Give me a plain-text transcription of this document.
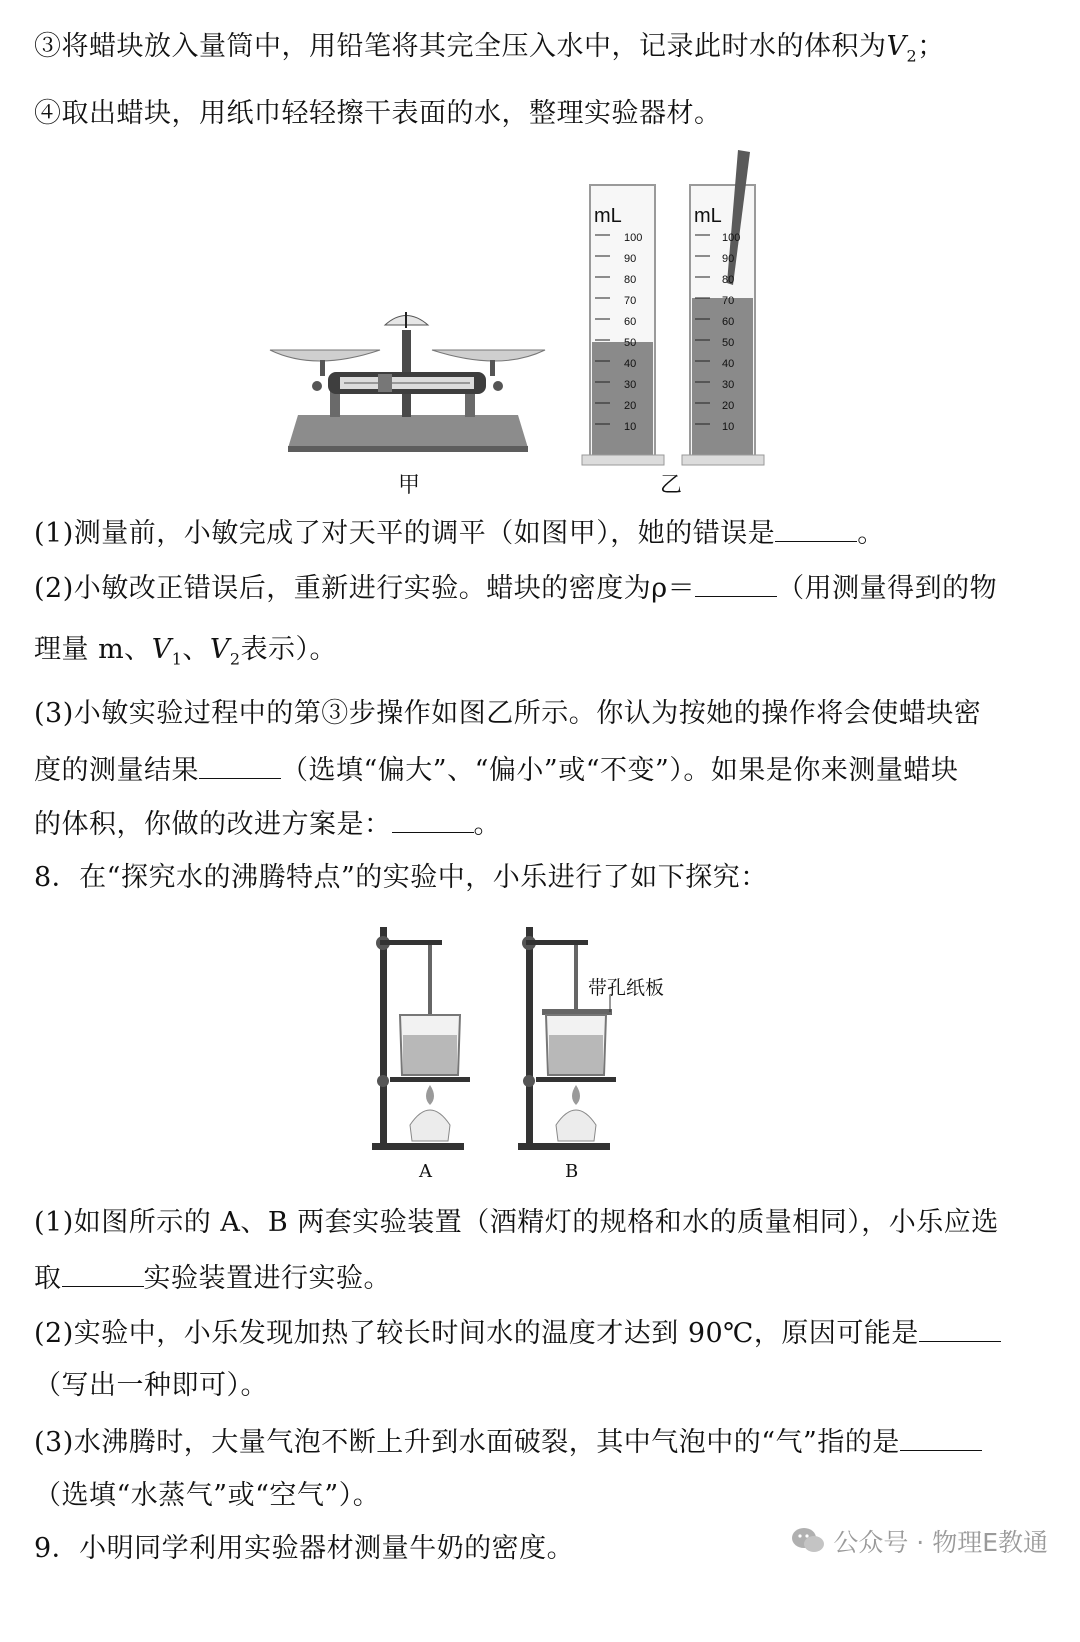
③将蜡块放入量筒中，用铅笔将其完全压入水中，记录此时水的体积为$V_2$；
④取出蜡块，用纸巾轻轻擦干表面的水，整理实验器材。
mL	mL
100
90
80
70
60
50
40
30
20
10
100
90
80
70
60
50
40
30
20
10
甲	乙
(1)测量前，小敏完成了对天平的调平（如图甲），她的错误是	。
(2)小敏改正错误后，重新进行实验。蜡块的密度为ρ＝	（用测量得到的物
理量 m、$V_1$、$V_2$表示）。
(3)小敏实验过程中的第③步操作如图乙所示。你认为按她的操作将会使蜡块密
度的测量结果	（选填“偏大”、“偏小”或“不变”）。如果是你来测量蜡块
的体积，你做的改进方案是：	。
8．在“探究水的沸腾特点”的实验中，小乐进行了如下探究：
带孔纸板
A	B
(1)如图所示的 A、B 两套实验装置（酒精灯的规格和水的质量相同），小乐应选
取	实验装置进行实验。
(2)实验中，小乐发现加热了较长时间水的温度才达到 90℃，原因可能是
（写出一种即可）。
(3)水沸腾时，大量气泡不断上升到水面破裂，其中气泡中的“气”指的是
（选填“水蒸气”或“空气”）。
9．小明同学利用实验器材测量牛奶的密度。	公众号 · 物理E教通
